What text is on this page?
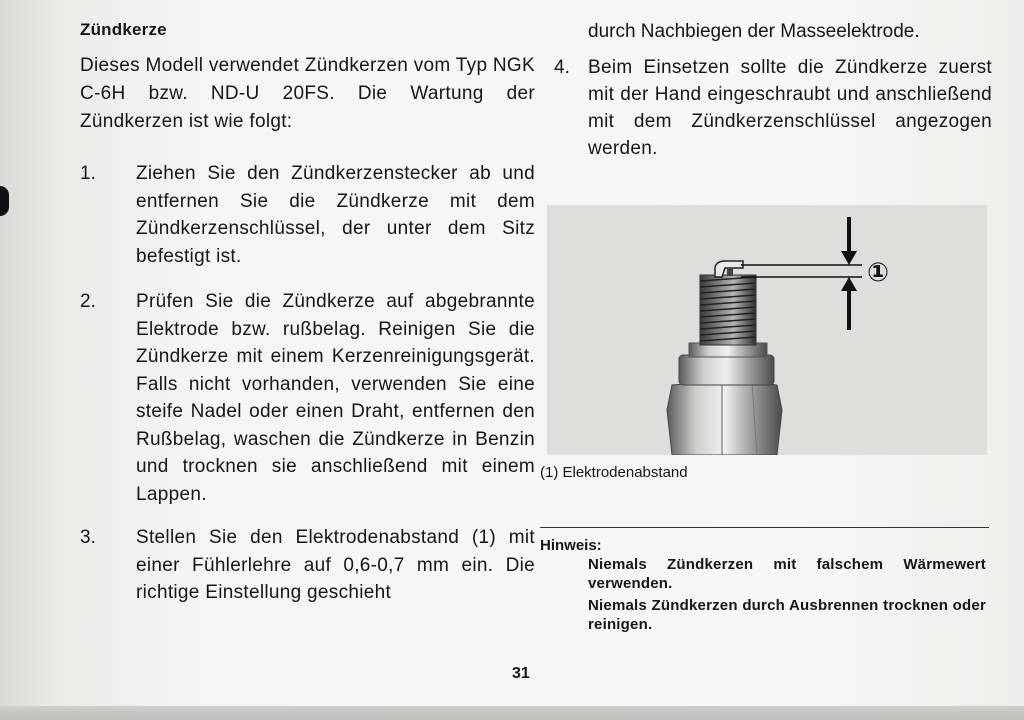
Zündkerze

Dieses Modell verwendet Zündkerzen vom Typ NGK C-6H bzw. ND-U 20FS. Die Wartung der Zündkerzen ist wie folgt:

1. Ziehen Sie den Zündkerzenstecker ab und entfernen Sie die Zündkerze mit dem Zündkerzenschlüssel, der unter dem Sitz befestigt ist.
2. Prüfen Sie die Zündkerze auf abgebrannte Elektrode bzw. rußbelag. Reinigen Sie die Zündkerze mit einem Kerzenreinigungsgerät. Falls nicht vorhanden, verwenden Sie eine steife Nadel oder einen Draht, entfernen den Rußbelag, waschen die Zündkerze in Benzin und trocknen sie anschließend mit einem Lappen.
3. Stellen Sie den Elektrodenabstand (1) mit einer Fühlerlehre auf 0,6-0,7 mm ein. Die richtige Einstellung geschieht

durch Nachbiegen der Masseelektrode.

4. Beim Einsetzen sollte die Zündkerze zuerst mit der Hand eingeschraubt und anschließend mit dem Zündkerzenschlüssel angezogen werden.
①
(1) Elektrodenabstand
Hinweis:

Niemals Zündkerzen mit falschem Wärmewert verwenden.

Niemals Zündkerzen durch Ausbrennen trocknen oder reinigen.

31
